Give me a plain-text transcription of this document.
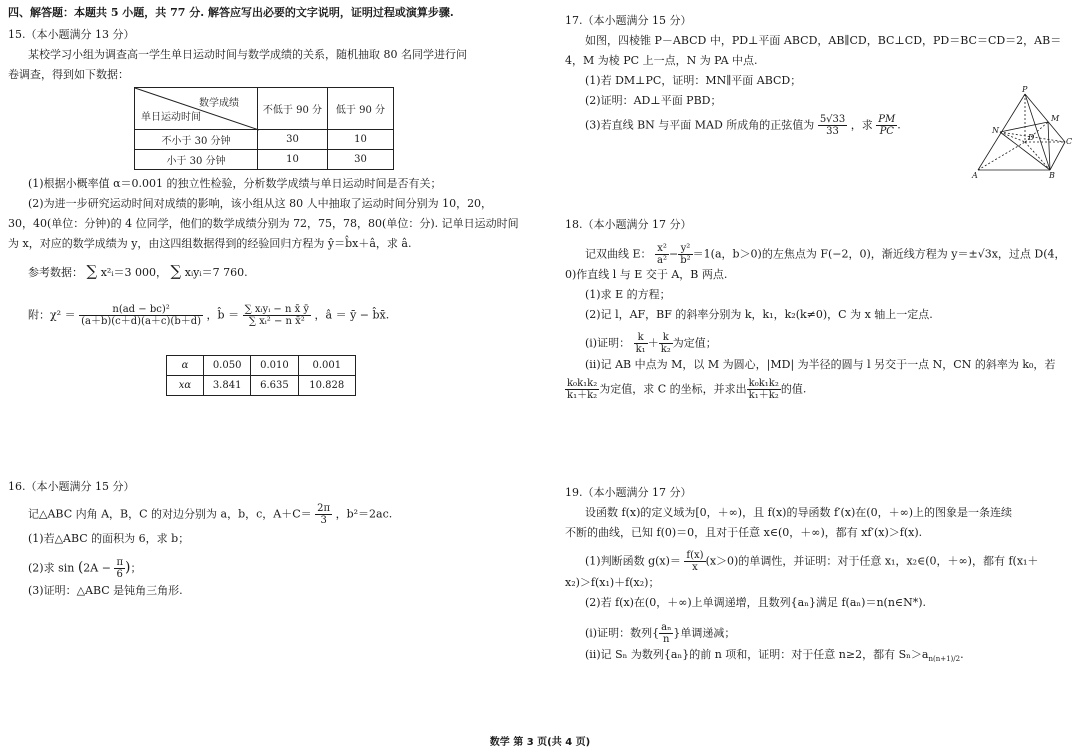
四、解答题：本题共 5 小题，共 77 分. 解答应写出必要的文字说明，证明过程或演算步骤.
15.（本小题满分 13 分）
某校学习小组为调查高一学生单日运动时间与数学成绩的关系，随机抽取 80 名同学进行问
卷调查，得到如下数据：
数学成绩
单日运动时间	不低于 90 分	低于 90 分
不小于 30 分钟	30	10
小于 30 分钟	10	30
(1)根据小概率值 α＝0.001 的独立性检验，分析数学成绩与单日运动时间是否有关；
(2)为进一步研究运动时间对成绩的影响，该小组从这 80 人中抽取了运动时间分别为 10，20，
30，40(单位：分钟)的 4 位同学，他们的数学成绩分别为 72，75，78，80(单位：分). 记单日运动时间
为 x，对应的数学成绩为 y，由这四组数据得到的经验回归方程为 ŷ＝b̂x＋â，求 â.
参考数据： ∑ x²ᵢ＝3 000， ∑ xᵢyᵢ＝7 760.
附：$\chi^2 = \frac{\text{n(ad − bc)²}}{(a+b)(c+d)(a+c)(b+d)}$ ，b̂ ＝ $\frac{\text{∑ xᵢyᵢ − n x̄ ȳ}}{\text{∑ xᵢ² − n x̄²}}$ ，â ＝ ȳ − b̂x̄.
α	0.050	0.010	0.001
xα	3.841	6.635	10.828
16.（本小题满分 15 分）
记△ABC 内角 A，B，C 的对边分别为 a，b，c，$A+C= \frac{2\pi}{3}$ ，b²＝2ac.
(1)若△ABC 的面积为 6，求 b；
(2)求 $\sin (2A - \frac{\pi}{6}$ )；
(3)证明：△ABC 是钝角三角形.
17.（本小题满分 15 分）
如图，四棱锥 P－ABCD 中，PD⊥平面 ABCD，AB∥CD，BC⊥CD，PD＝BC＝CD＝2，AB＝
4，M 为棱 PC 上一点，N 为 PA 中点.
(1)若 DM⊥PC，证明：MN∥平面 ABCD；
(2)证明：AD⊥平面 PBD；
(3)若直线 BN 与平面 MAD 所成角的正弦值为 $\frac{5√33}{33}$ ，求 $\frac{PM}{PC}$ .
P
M
N
D	C
A	B
18.（本小题满分 17 分）
记双曲线 E： $\frac{\text{x²}}{\text{a²}} - \frac{\text{y²}}{\text{b²}} =1(a$，b＞0)的左焦点为 F(−2，0)，渐近线方程为 y＝±√3x，过点 D(4，
0)作直线 l 与 E 交于 A，B 两点.
(1)求 E 的方程；
(2)记 l，AF，BF 的斜率分别为 k，k₁，k₂(k≠0)，C 为 x 轴上一定点.
(ⅰ)证明： $\frac{k}{\text{k₁}} + \frac{k}{\text{k₂}}$ 为定值；
(ⅱ)记 AB 中点为 M，以 M 为圆心，|MD| 为半径的圆与 l 另交于一点 N，CN 的斜率为 k₀，若
$\frac{\text{k₀k₁k₂}}{\text{k₁＋k₂}}$ 为定值，求 C 的坐标，并求出 $\frac{\text{k₀k₁k₂}}{\text{k₁＋k₂}}$ 的值.
19.（本小题满分 17 分）
设函数 f(x)的定义域为[0，＋∞)，且 f(x)的导函数 f′(x)在(0，＋∞)上的图象是一条连续
不断的曲线，已知 f(0)＝0，且对于任意 x∈(0，＋∞)，都有 xf′(x)＞f(x).
(1)判断函数 $g(x)= \frac{f(x)}{x} (x>0)$的单调性，并证明：对于任意 x₁，x₂∈(0，＋∞)，都有 f(x₁＋
x₂)＞f(x₁)＋f(x₂)；
(2)若 f(x)在(0，＋∞)上单调递增，且数列{aₙ}满足 f(aₙ)＝n(n∈N*).
(ⅰ)证明：数列{ $\frac{\text{aₙ}}{n}$ }单调递减；
(ⅱ)记 Sₙ 为数列{aₙ}的前 n 项和，证明：对于任意 n≥2，都有 $S_n>a_{n(n+1)/2}$.
数学 第 3 页(共 4 页)
